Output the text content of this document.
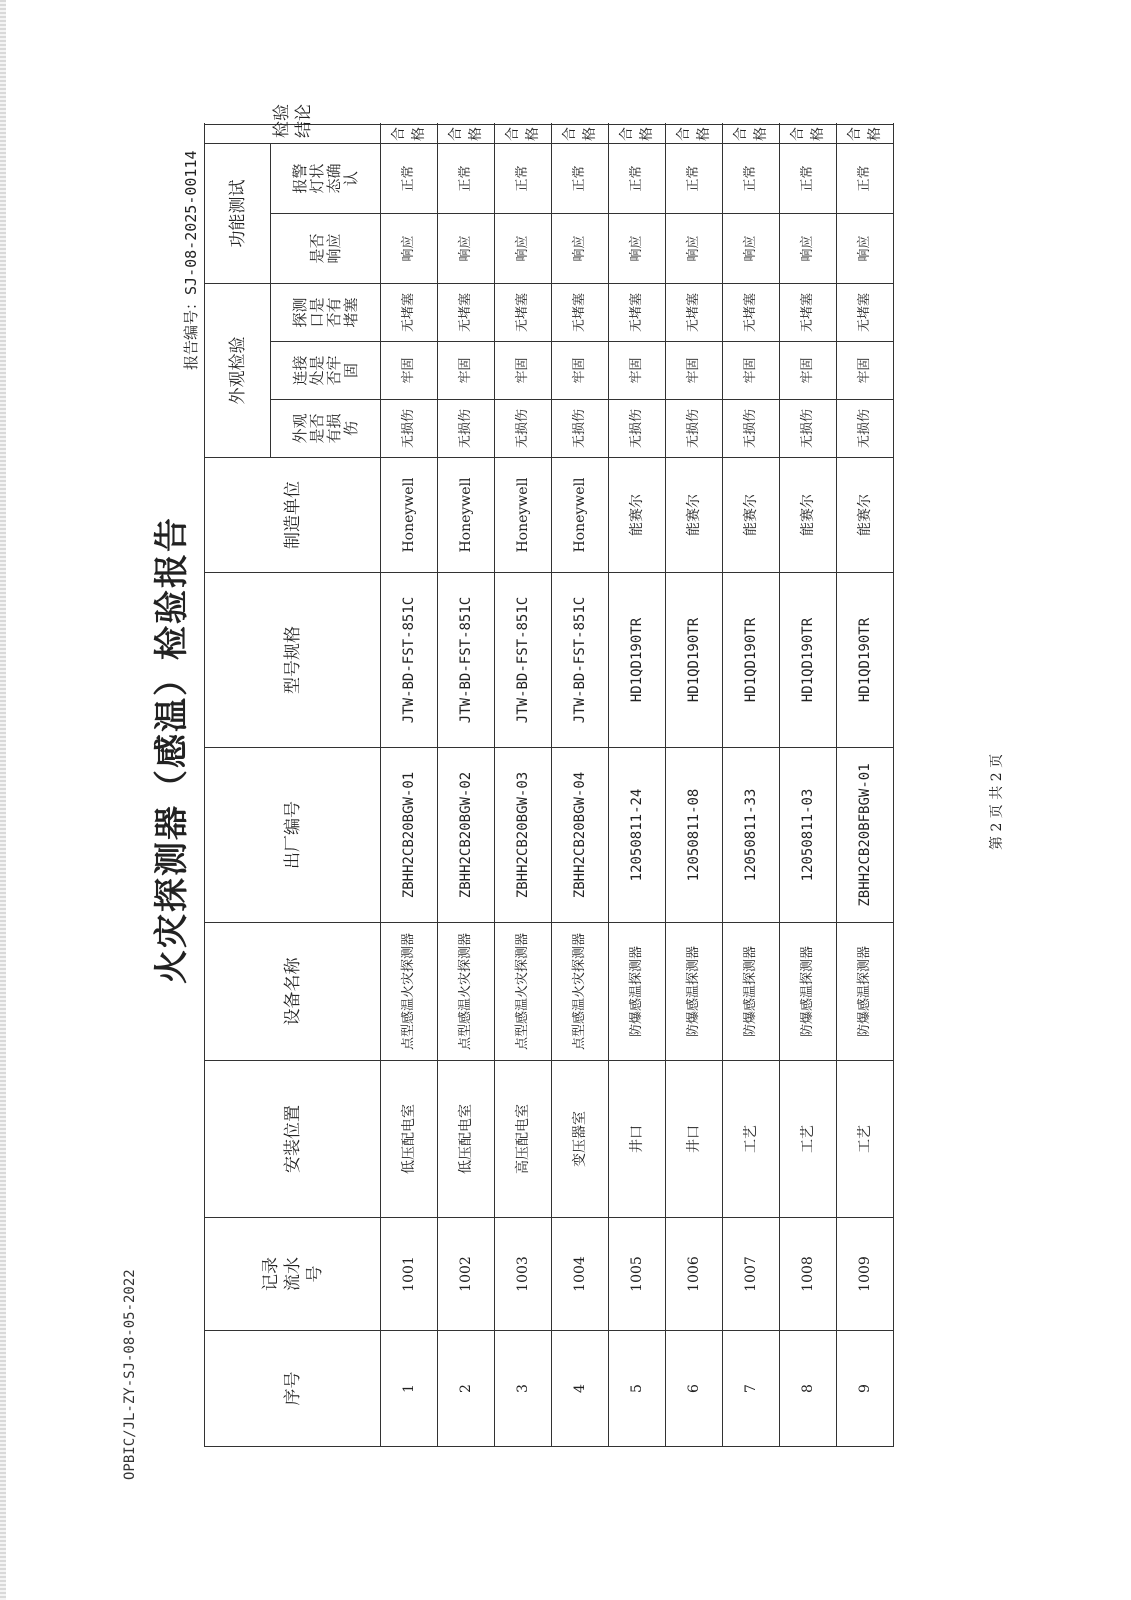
OPBIC/JL-ZY-SJ-08-05-2022
火灾探测器（感温）检验报告
报告编号：SJ-08-2025-00114
序号	记录流水号	安装位置	设备名称	出厂编号	型号规格	制造单位	外观检验			功能测试		检验结论
							外观是否有损伤	连接处是否牢固	探测口是否有堵塞	是否响应	报警灯状态确认	
1	1001	低压配电室	点型感温火灾探测器	ZBHH2CB20BGW-01	JTW-BD-FST-851C	Honeywell	无损伤	牢固	无堵塞	响应	正常	合格
2	1002	低压配电室	点型感温火灾探测器	ZBHH2CB20BGW-02	JTW-BD-FST-851C	Honeywell	无损伤	牢固	无堵塞	响应	正常	合格
3	1003	高压配电室	点型感温火灾探测器	ZBHH2CB20BGW-03	JTW-BD-FST-851C	Honeywell	无损伤	牢固	无堵塞	响应	正常	合格
4	1004	变压器室	点型感温火灾探测器	ZBHH2CB20BGW-04	JTW-BD-FST-851C	Honeywell	无损伤	牢固	无堵塞	响应	正常	合格
5	1005	井口	防爆感温探测器	12050811-24	HD1QD190TR	能赛尔	无损伤	牢固	无堵塞	响应	正常	合格
6	1006	井口	防爆感温探测器	12050811-08	HD1QD190TR	能赛尔	无损伤	牢固	无堵塞	响应	正常	合格
7	1007	工艺	防爆感温探测器	12050811-33	HD1QD190TR	能赛尔	无损伤	牢固	无堵塞	响应	正常	合格
8	1008	工艺	防爆感温探测器	12050811-03	HD1QD190TR	能赛尔	无损伤	牢固	无堵塞	响应	正常	合格
9	1009	工艺	防爆感温探测器	ZBHH2CB20BFBGW-01	HD1QD190TR	能赛尔	无损伤	牢固	无堵塞	响应	正常	合格
第 2 页 共 2 页
